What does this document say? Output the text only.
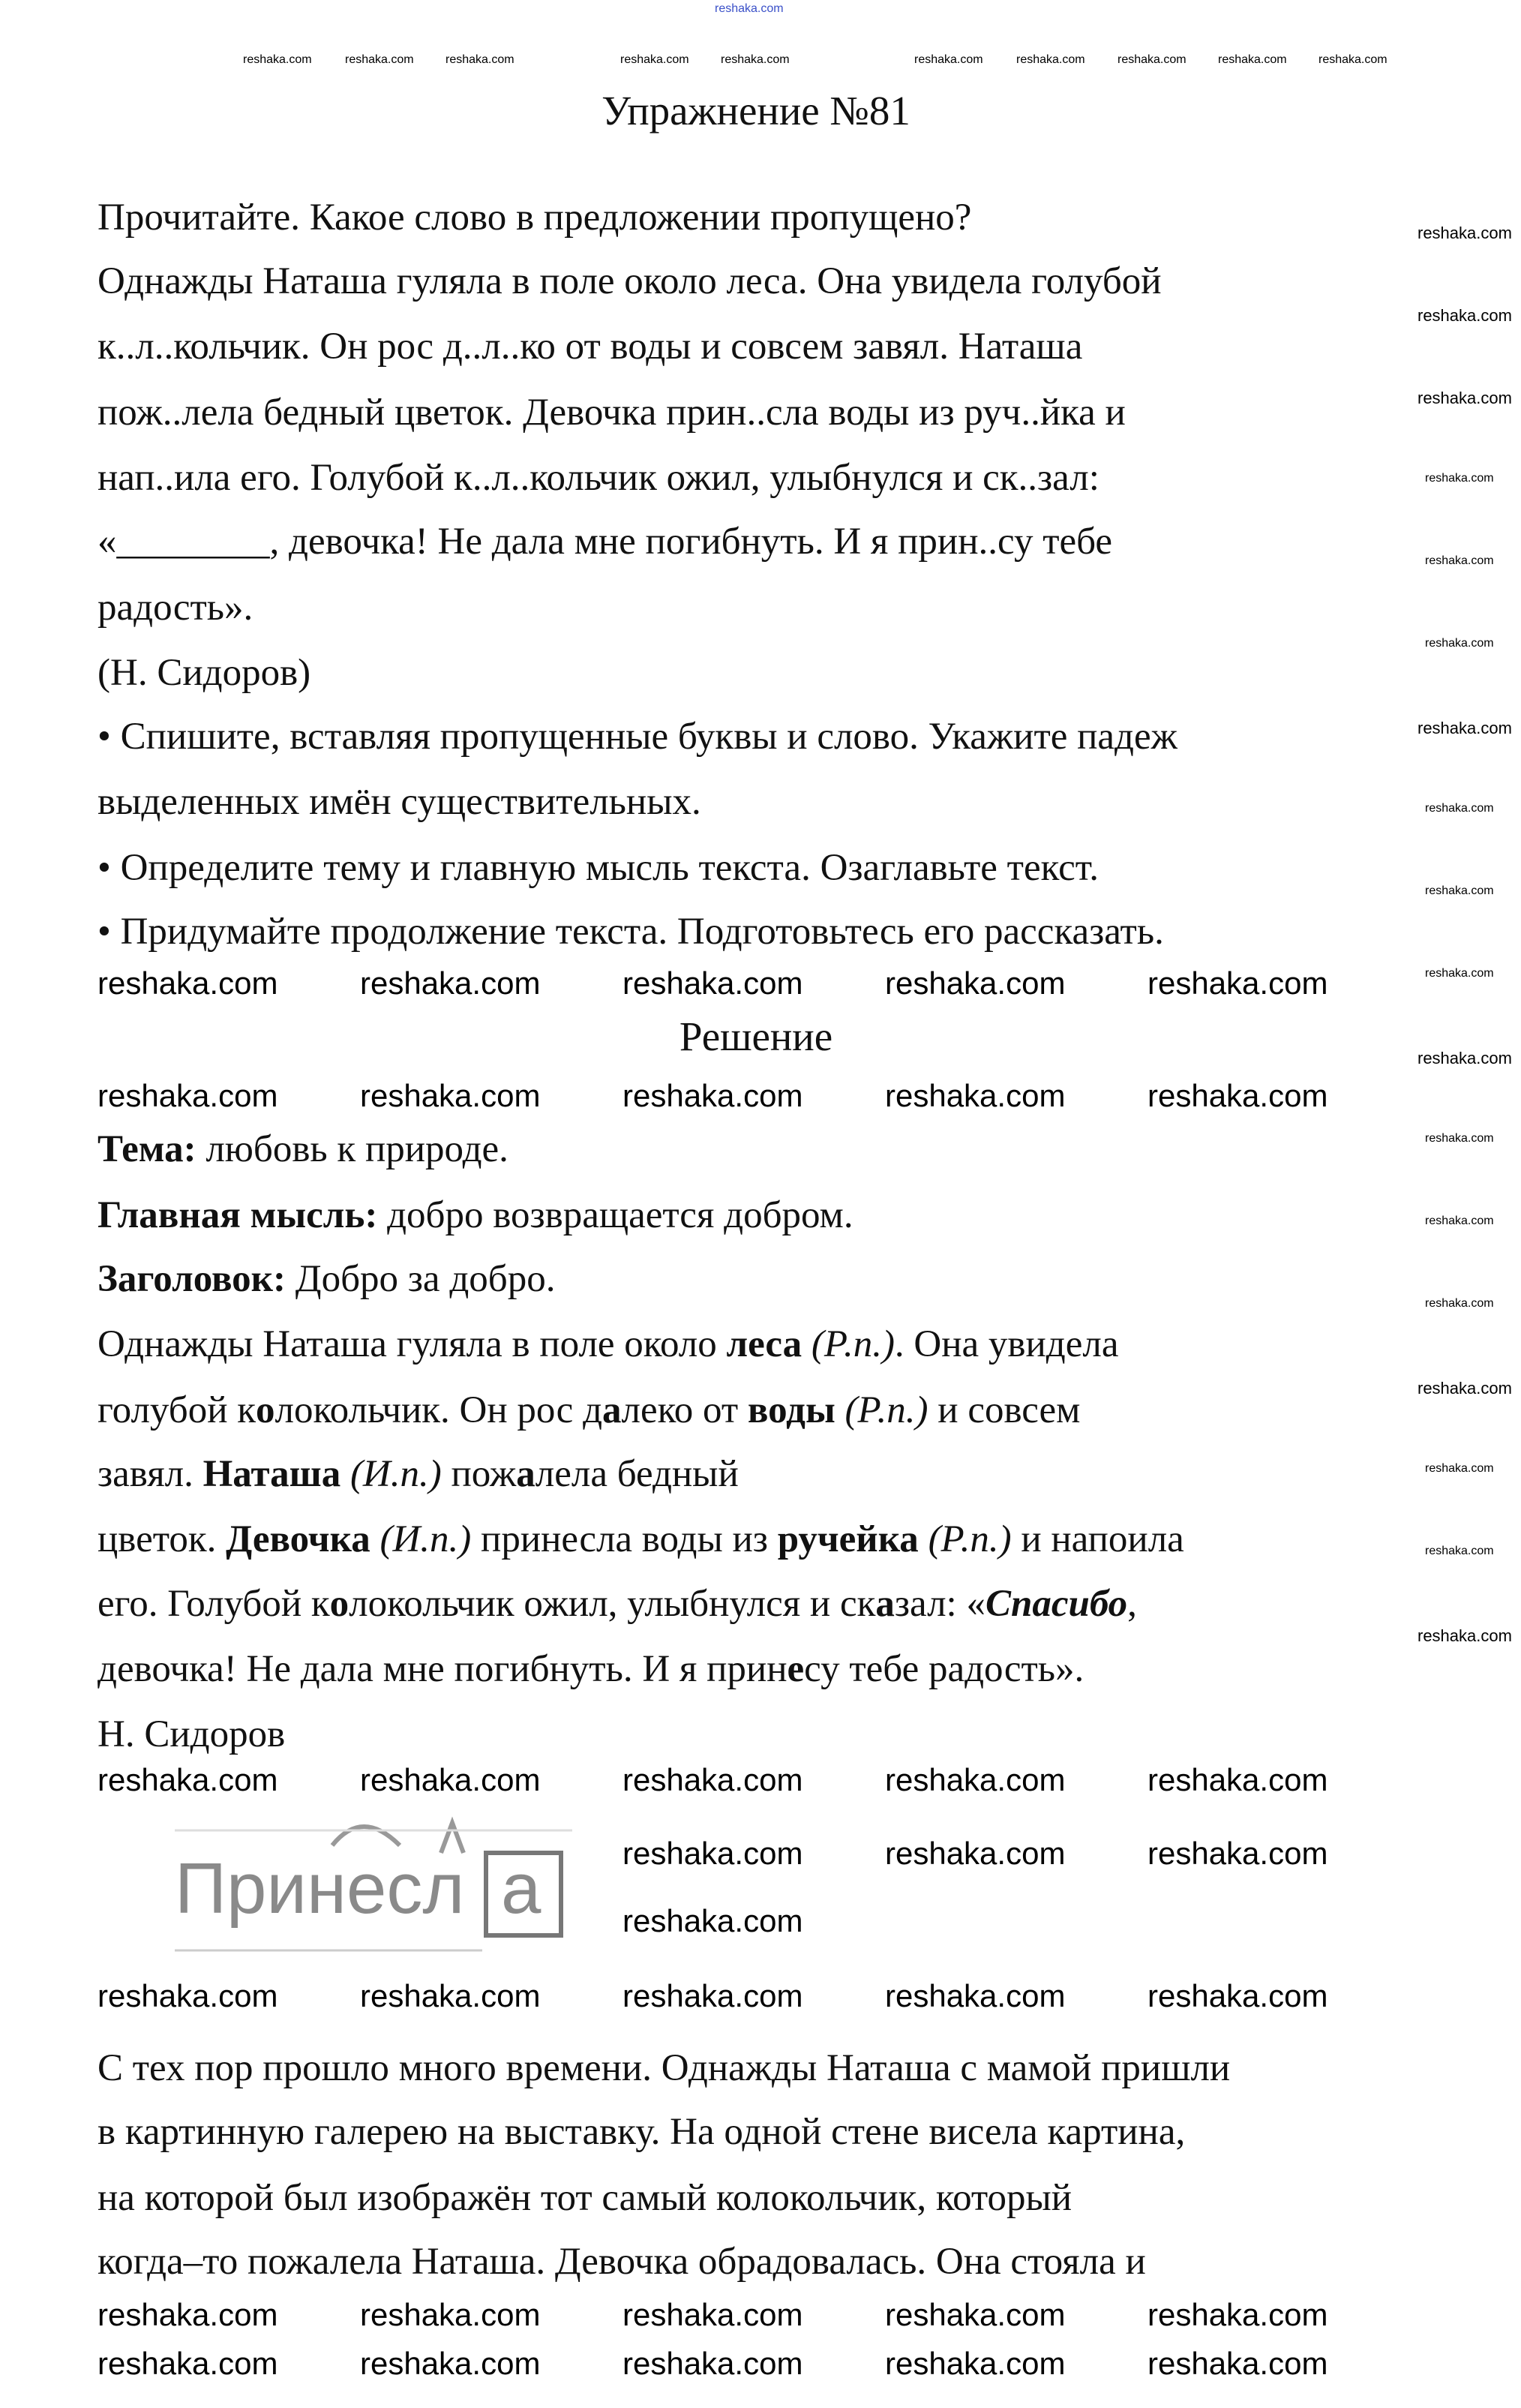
Упражнение №81
Прочитайте. Какое слово в предложении пропущено?
Однажды Наташа гуляла в поле около леса. Она увидела голубой
к..л..кольчик. Он рос д..л..ко от воды и совсем завял. Наташа
пож..лела бедный цветок. Девочка прин..сла воды из руч..йка и
нап..ила его. Голубой к..л..кольчик ожил, улыбнулся и ск..зал:
«________, девочка! Не дала мне погибнуть. И я прин..су тебе
радость».
(Н. Сидоров)
• Спишите, вставляя пропущенные буквы и слово. Укажите падеж
выделенных имён существительных.
• Определите тему и главную мысль текста. Озаглавьте текст.
• Придумайте продолжение текста. Подготовьтесь его рассказать.
Решение
Тема: любовь к природе.
Главная мысль: добро возвращается добром.
Заголовок: Добро за добро.
Однажды Наташа гуляла в поле около леса (Р.п.). Она увидела
голубой колокольчик. Он рос далеко от воды (Р.п.) и совсем
завял. Наташа (И.п.) пожалела бедный
цветок. Девочка (И.п.) принесла воды из ручейка (Р.п.) и напоила
его. Голубой колокольчик ожил, улыбнулся и сказал: «Спасибо,
девочка! Не дала мне погибнуть. И я принесу тебе радость».
Н. Сидоров
Принесл а
С тех пор прошло много времени. Однажды Наташа с мамой пришли
в картинную галерею на выставку. На одной стене висела картина,
на которой был изображён тот самый колокольчик, который
когда–то пожалела Наташа. Девочка обрадовалась. Она стояла и
reshaka.com
reshaka.com	reshaka.com	reshaka.com	reshaka.com	reshaka.com	reshaka.com	reshaka.com	reshaka.com	reshaka.com	reshaka.com
reshaka.com
reshaka.com
reshaka.com
reshaka.com
reshaka.com
reshaka.com
reshaka.com
reshaka.com
reshaka.com
reshaka.com
reshaka.com
reshaka.com
reshaka.com
reshaka.com
reshaka.com
reshaka.com
reshaka.com
reshaka.com
reshaka.com	reshaka.com	reshaka.com	reshaka.com	reshaka.com
reshaka.com	reshaka.com	reshaka.com	reshaka.com	reshaka.com
reshaka.com	reshaka.com	reshaka.com	reshaka.com	reshaka.com
reshaka.com	reshaka.com	reshaka.com	reshaka.com	reshaka.com
reshaka.com	reshaka.com	reshaka.com	reshaka.com	reshaka.com
reshaka.com	reshaka.com	reshaka.com	reshaka.com	reshaka.com
reshaka.com	reshaka.com	reshaka.com
reshaka.com
